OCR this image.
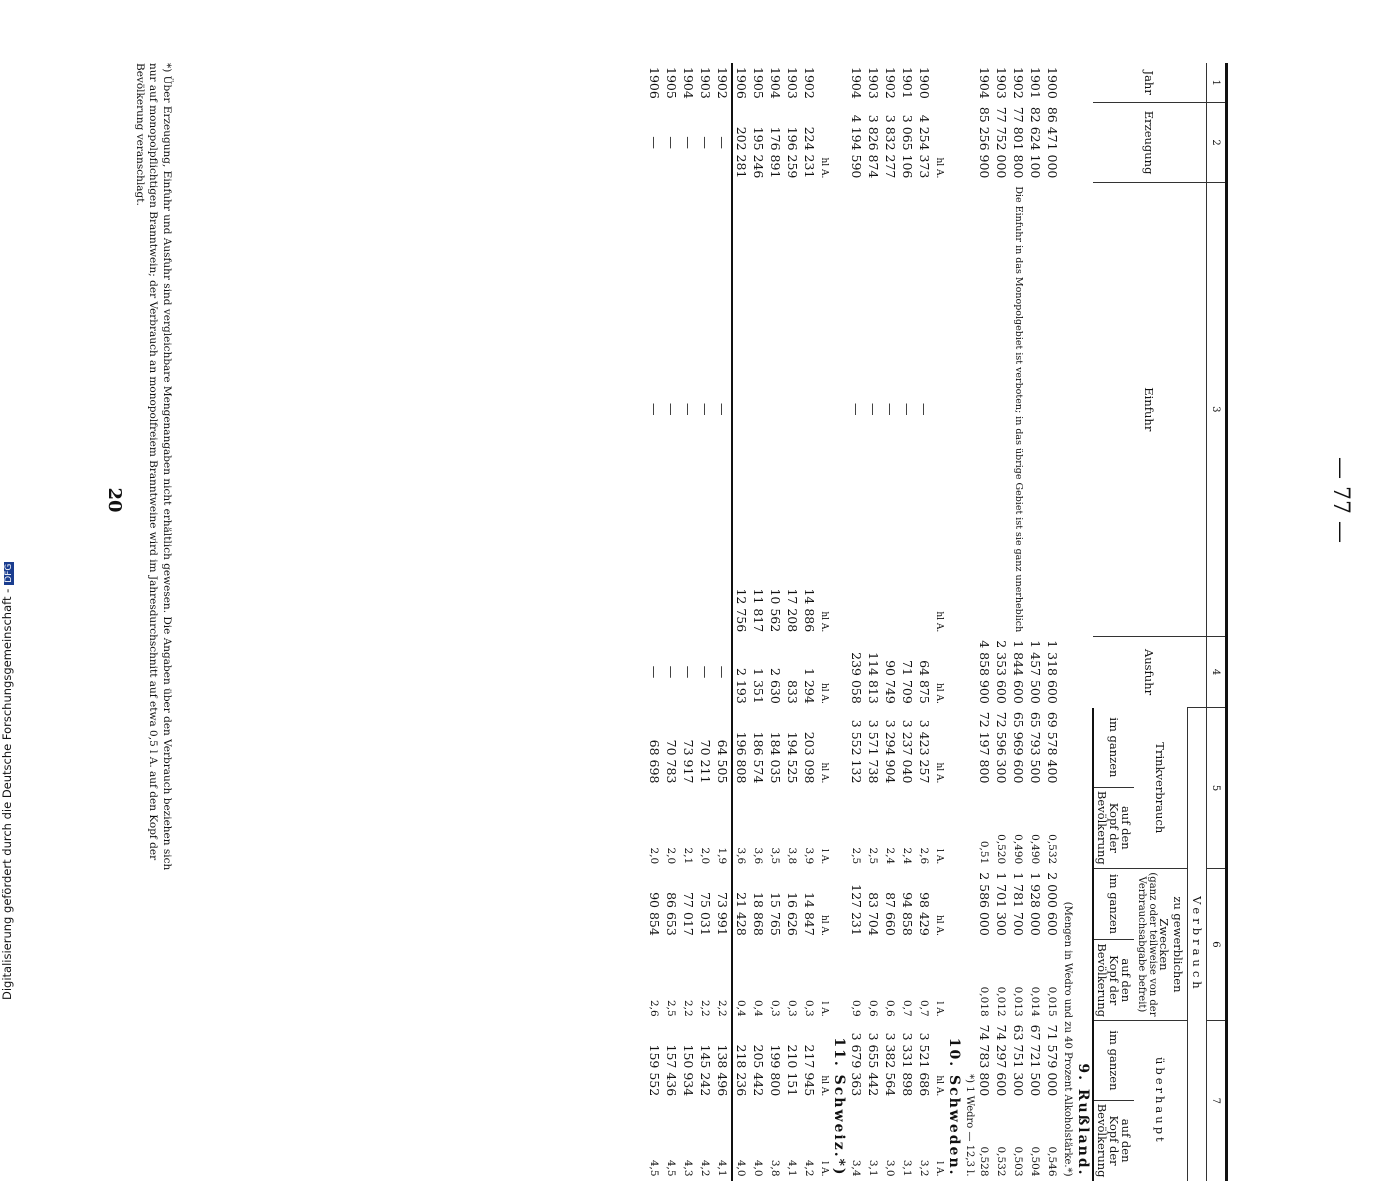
— 77 —
1	2	3	4	5		6		7	
Jahr	Erzeugung	Einfuhr	Ausfuhr	Verbrauch					
				Trinkverbrauch		zu gewerblichen Zwecken
(ganz oder teilweise von der Verbrauchsabgabe befreit)		überhaupt	
				im ganzen	auf den Kopf der Bevölkerung	im ganzen	auf den Kopf der Bevölkerung	im ganzen	auf den Kopf der Bevölkerung
9. Rußland.									
(Mengen in Wedro und zu 40 Prozent Alkoholstärke.*)									
1900	86 471 000	Die Einfuhr in das Monopolgebiet ist verboten; in das übrige Gebiet ist sie ganz unerheblich	1 318 600	69 578 400	0,532	2 000 600	0,015	71 579 000	0,546
1901	82 624 100		1 457 500	65 793 500	0,490	1 928 000	0,014	67 721 500	0,504
1902	77 801 800		1 844 600	65 969 600	0,490	1 781 700	0,013	63 751 300	0,503
1903	77 752 000		2 353 600	72 596 300	0,520	1 701 300	0,012	74 297 600	0,532
1904	85 256 900		4 858 900	72 197 800	0,51	2 586 000	0,018	74 783 800	0,528
*) 1 Wedro — 12,3 l.									
10. Schweden.									
	hl A.	hl A.	hl A.	hl A.	l A.	hl A.	l A.	hl A.	l A.
1900	4 254 373	—	64 875	3 423 257	2,6	98 429	0,7	3 521 686	3,2
1901	3 065 106	—	71 709	3 237 040	2,4	94 858	0,7	3 331 898	3,1
1902	3 832 277	—	90 749	3 294 904	2,4	87 660	0,6	3 382 564	3,0
1903	3 826 874	—	114 813	3 571 738	2,5	83 704	0,6	3 655 442	3,1
1904	4 194 590	—	239 058	3 552 132	2,5	127 231	0,9	3 679 363	3,4
11. Schweiz.*)									
	hl A.	hl A.	hl A.	hl A.	l A.	hl A.	l A.	hl A.	l A.
1902	224 231	14 886	1 294	203 098	3,9	14 847	0,3	217 945	4,2
1903	196 259	17 208	833	194 525	3,8	16 626	0,3	210 151	4,1
1904	176 891	10 562	2 630	184 035	3,5	15 765	0,3	199 800	3,8
1905	195 246	11 817	1 351	186 574	3,6	18 868	0,4	205 442	4,0
1906	202 281	12 756	2 193	196 808	3,6	21 428	0,4	218 236	4,0
1902	—	—	—	64 505	1,9	73 991	2,2	138 496	4,1
1903	—	—	—	70 211	2,0	75 031	2,2	145 242	4,2
1904	—	—	—	73 917	2,1	77 017	2,2	150 934	4,3
1905	—	—	—	70 783	2,0	86 653	2,5	157 436	4,5
1906	—	—	—	68 698	2,0	90 854	2,6	159 552	4,5
*) Über Erzeugung, Einfuhr und Ausfuhr sind vergleichbare Mengenangaben nicht erhältlich gewesen. Die Angaben über den Verbrauch beziehen sich nur auf monopolpflichtigen Branntwein; der Verbrauch an monopolfreiem Branntweine wird im Jahresdurchschnitt auf etwa 0,5 l A. auf den Kopf der Bevölkerung veranschlagt.
20
Digitalisierung gefördert durch die Deutsche Forschungsgemeinschaft -DFG
